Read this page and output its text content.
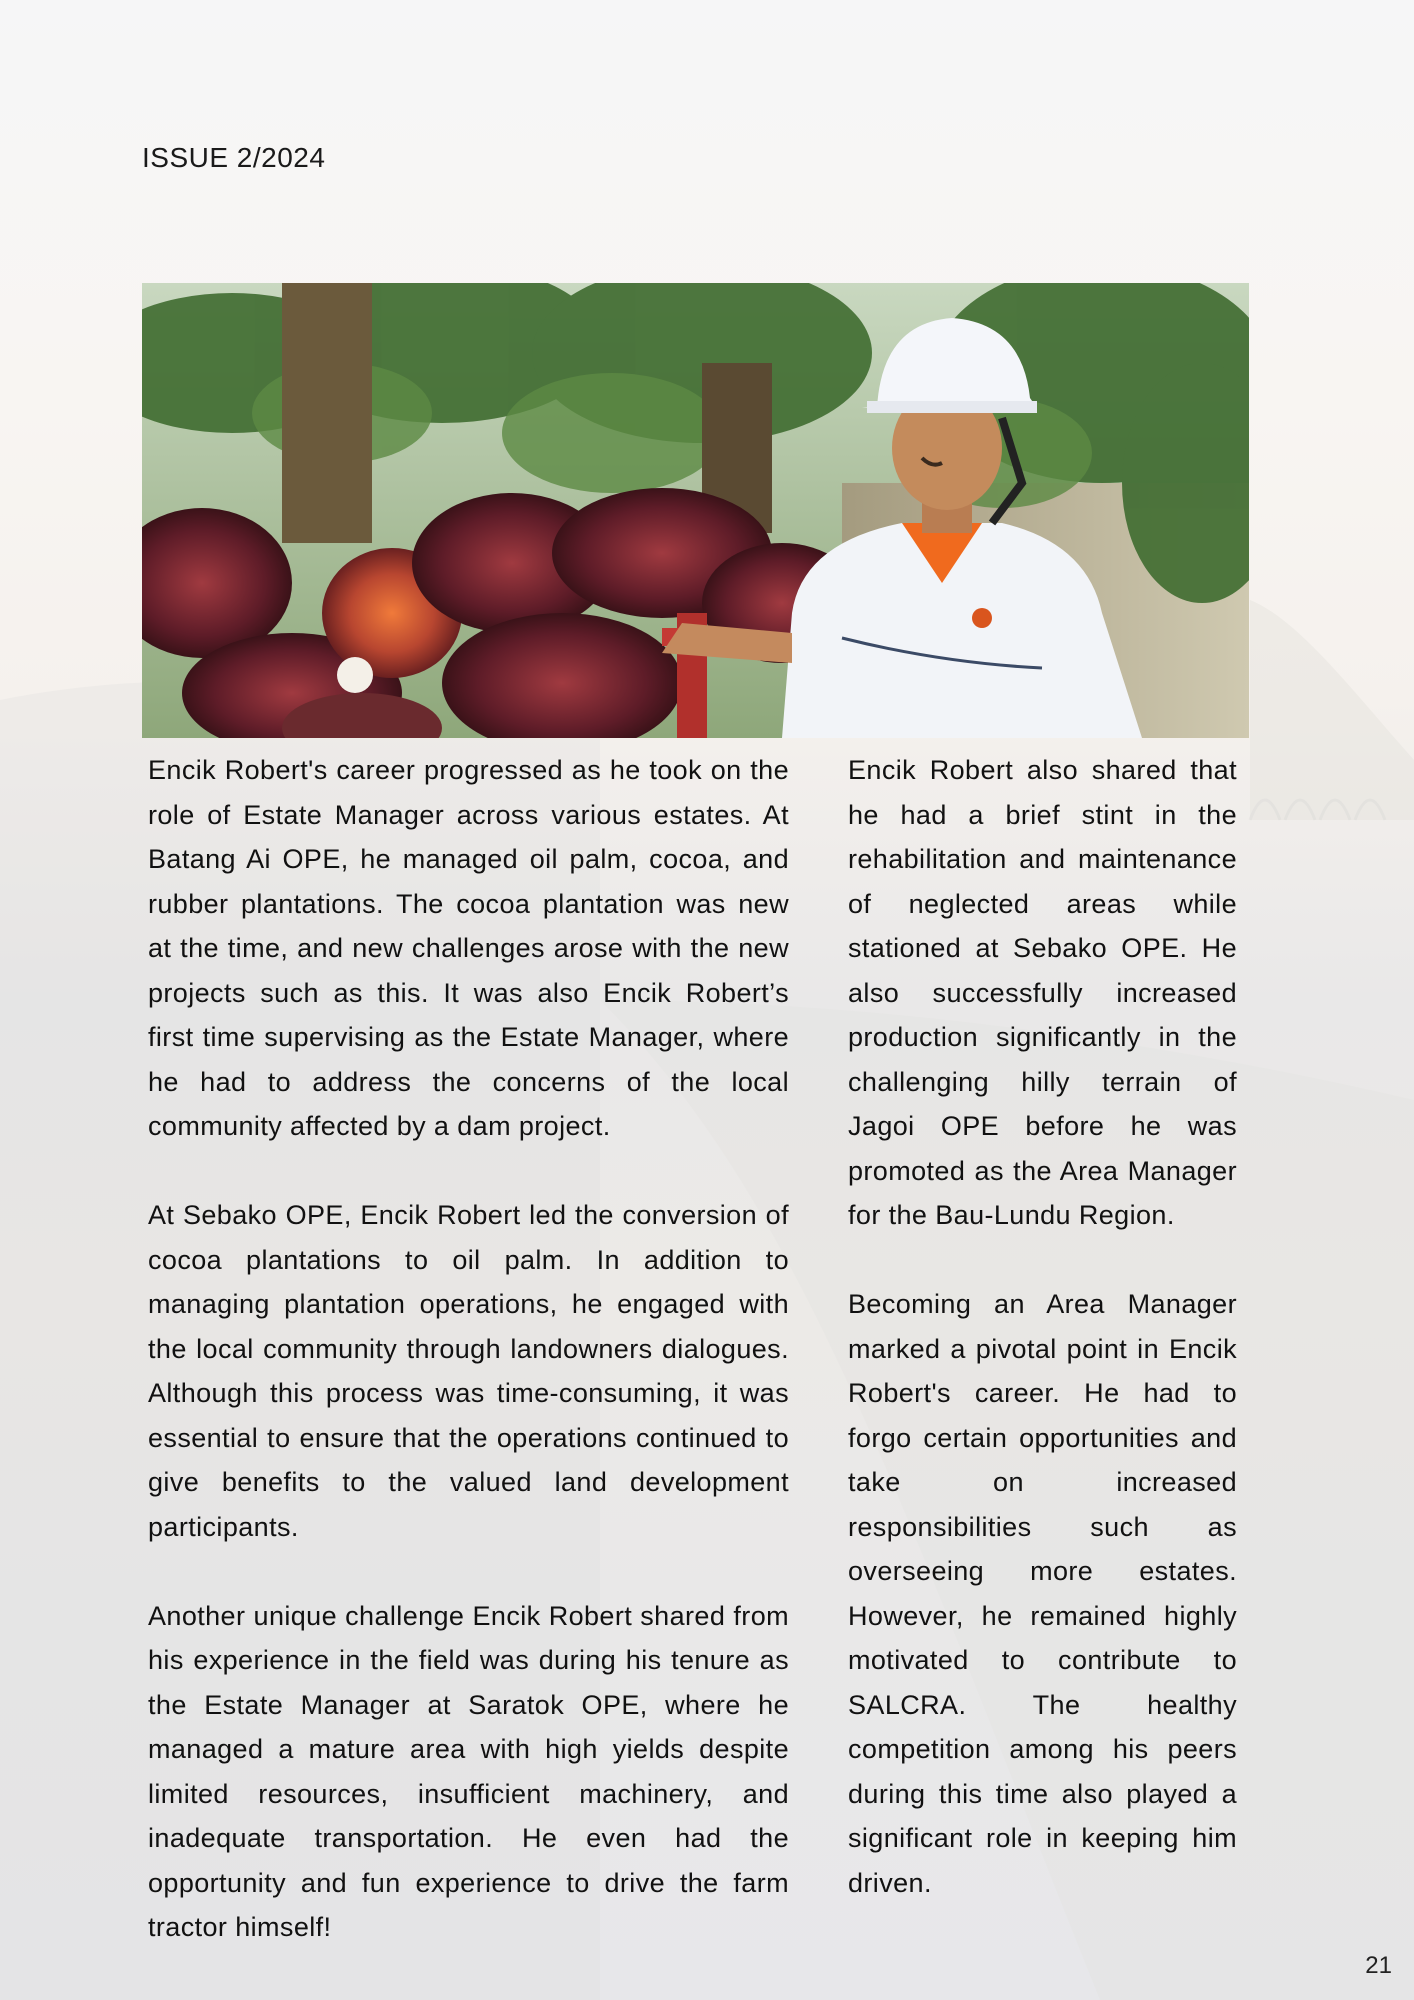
ISSUE 2/2024

Encik Robert's career progressed as he took on the role of Estate Manager across various estates. At Batang Ai OPE, he managed oil palm, cocoa, and rubber plantations. The cocoa plantation was new at the time, and new challenges arose with the new projects such as this. It was also Encik Robert’s first time supervising as the Estate Manager, where he had to address the concerns of the local community affected by a dam project.

At Sebako OPE, Encik Robert led the conversion of cocoa plantations to oil palm. In addition to managing plantation operations, he engaged with the local community through landowners dialogues. Although this process was time-consuming, it was essential to ensure that the operations continued to give benefits to the valued land development participants.

Another unique challenge Encik Robert shared from his experience in the field was during his tenure as the Estate Manager at Saratok OPE, where he managed a mature area with high yields despite limited resources, insufficient machinery, and inadequate transportation. He even had the opportunity and fun experience to drive the farm tractor himself!

Encik Robert also shared that he had a brief stint in the rehabilitation and maintenance of neglected areas while stationed at Sebako OPE. He also successfully increased production significantly in the challenging hilly terrain of Jagoi OPE before he was promoted as the Area Manager for the Bau-Lundu Region.

Becoming an Area Manager marked a pivotal point in Encik Robert's career. He had to forgo certain opportunities and take on increased responsibilities such as overseeing more estates. However, he remained highly motivated to contribute to SALCRA. The healthy competition among his peers during this time also played a significant role in keeping him driven.

21
